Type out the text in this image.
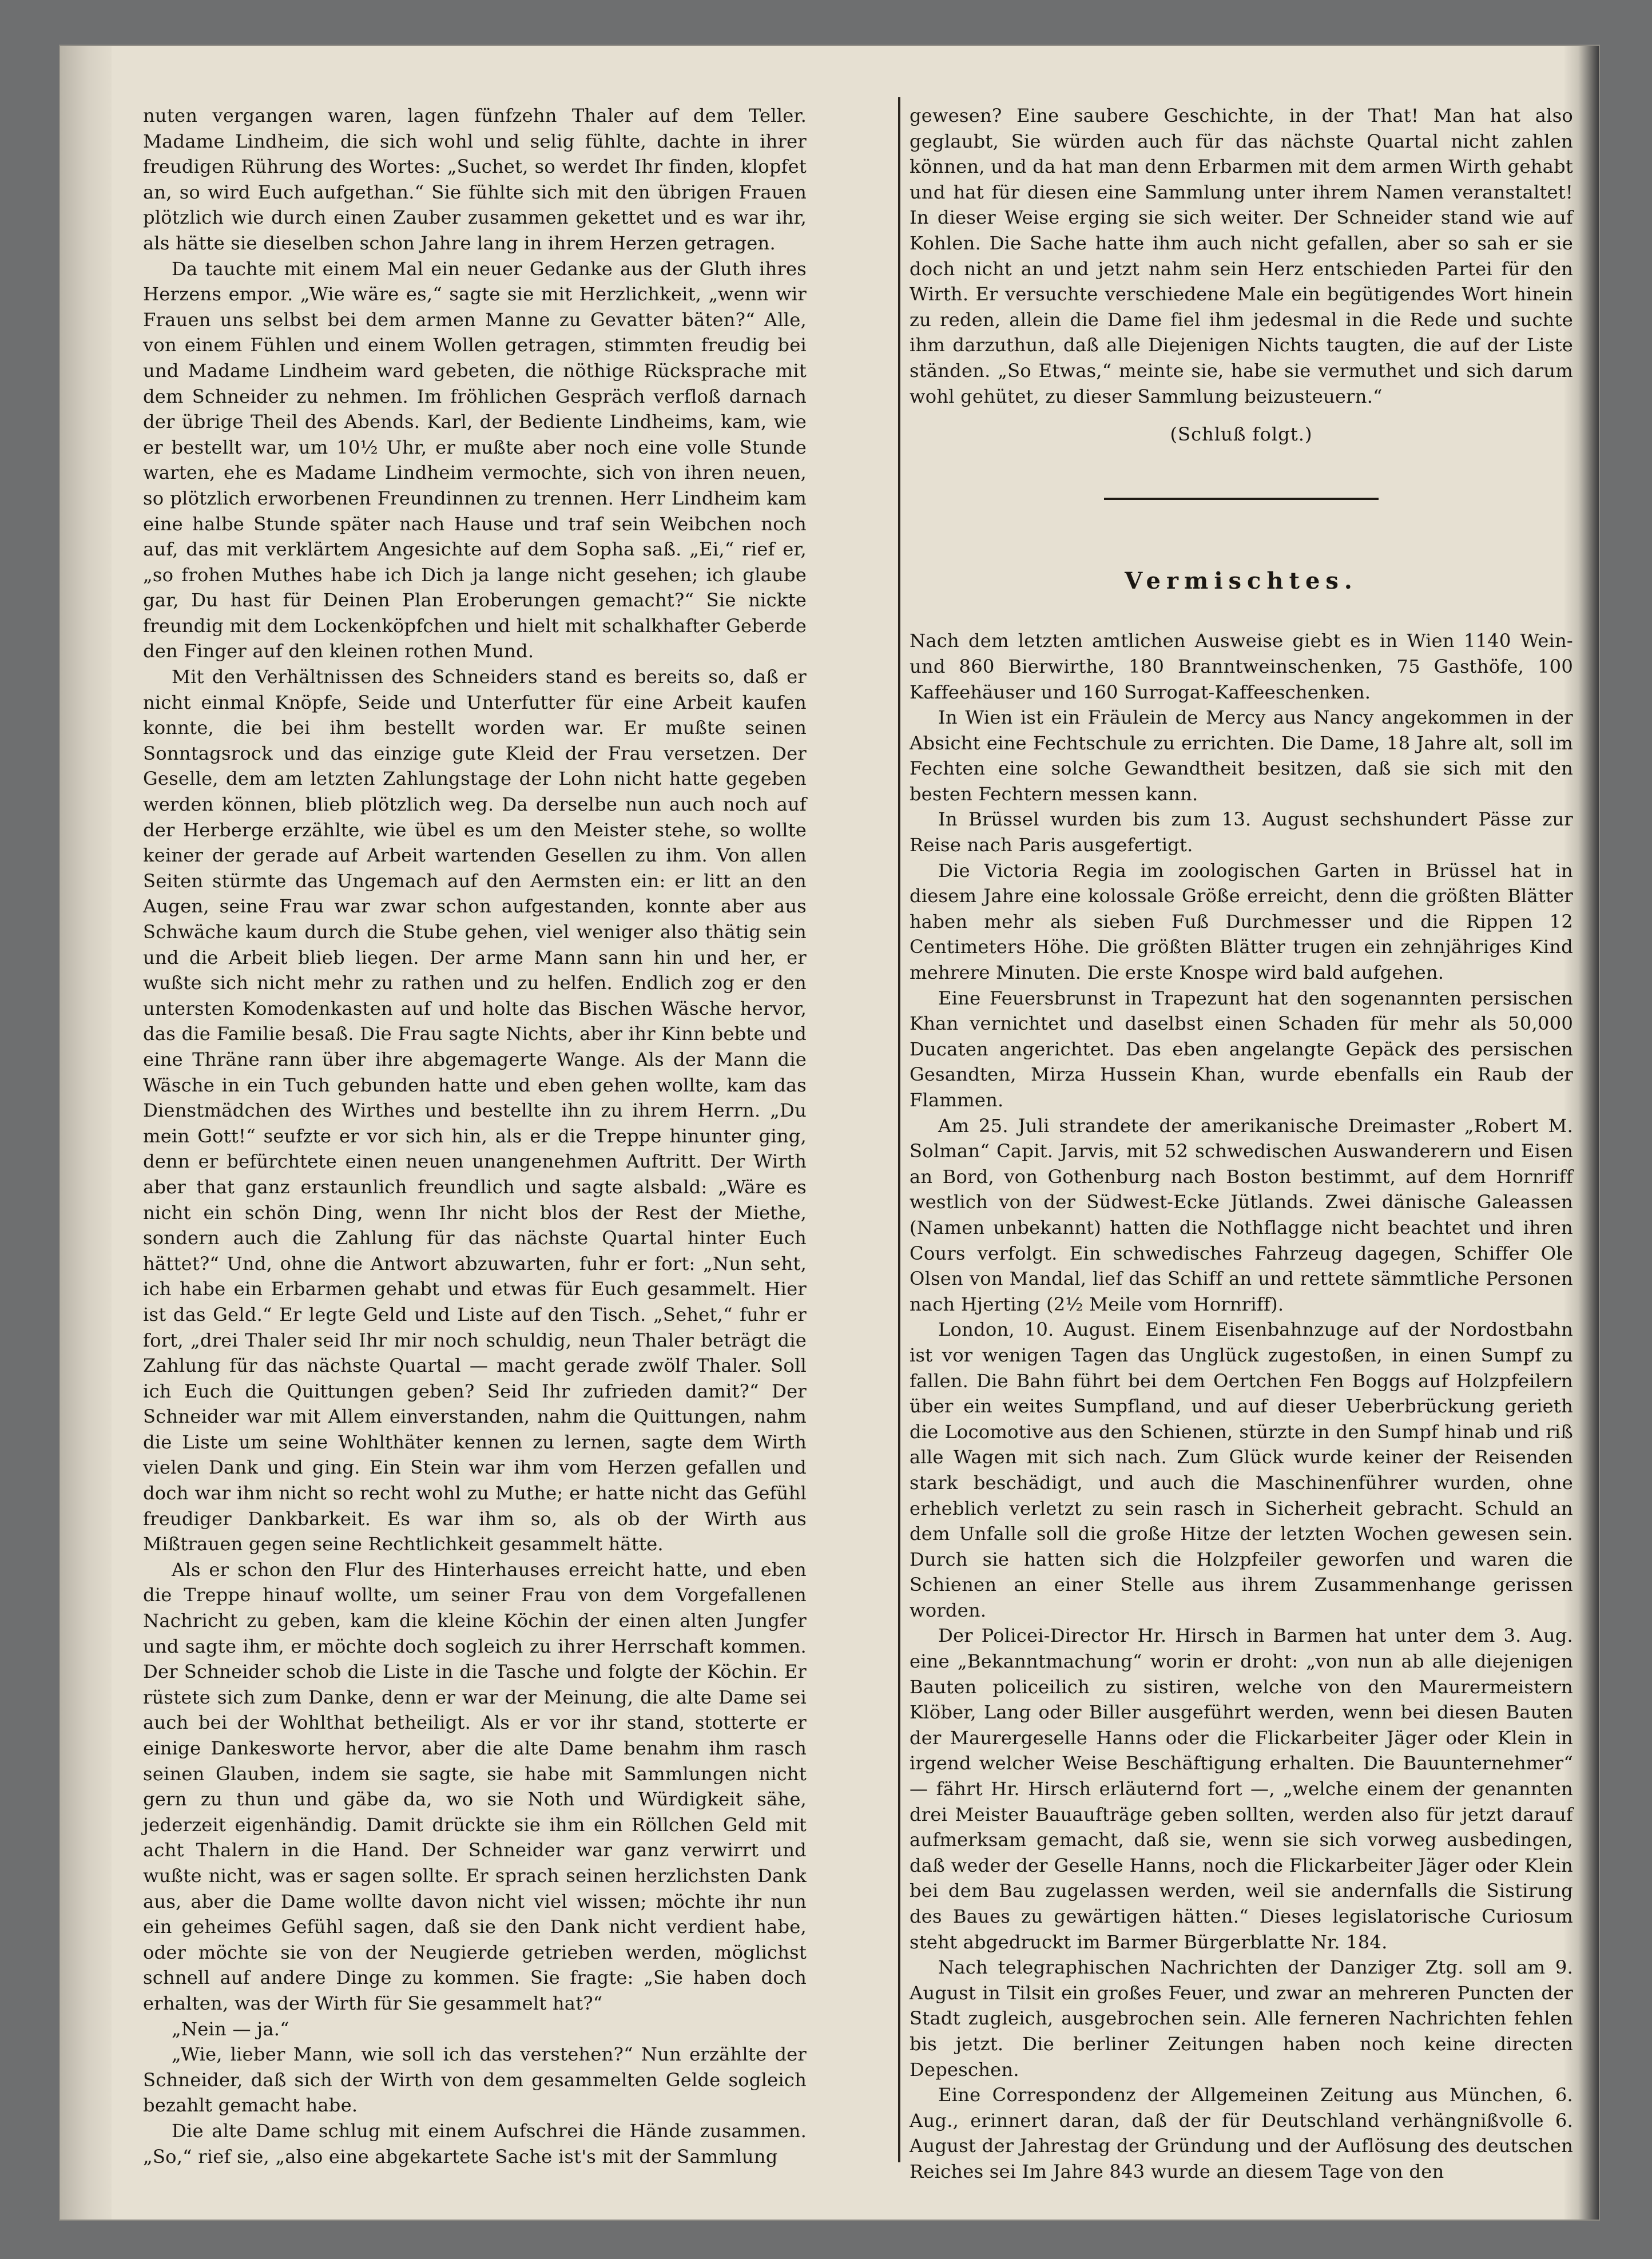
nuten vergangen waren, lagen fünfzehn Thaler auf dem Teller. Madame Lindheim, die sich wohl und selig fühlte, dachte in ihrer freudigen Rührung des Wortes: „Suchet, so werdet Ihr finden, klopfet an, so wird Euch aufgethan.“ Sie fühlte sich mit den übrigen Frauen plötzlich wie durch einen Zauber zusammen gekettet und es war ihr, als hätte sie dieselben schon Jahre lang in ihrem Herzen getragen.

Da tauchte mit einem Mal ein neuer Gedanke aus der Gluth ihres Herzens empor. „Wie wäre es,“ sagte sie mit Herzlichkeit, „wenn wir Frauen uns selbst bei dem armen Manne zu Gevatter bäten?“ Alle, von einem Fühlen und einem Wollen getragen, stimmten freudig bei und Madame Lindheim ward gebeten, die nöthige Rücksprache mit dem Schneider zu nehmen. Im fröhlichen Gespräch verfloß darnach der übrige Theil des Abends. Karl, der Bediente Lindheims, kam, wie er bestellt war, um 10½ Uhr, er mußte aber noch eine volle Stunde warten, ehe es Madame Lindheim vermochte, sich von ihren neuen, so plötzlich erworbenen Freundinnen zu trennen. Herr Lindheim kam eine halbe Stunde später nach Hause und traf sein Weibchen noch auf, das mit verklärtem Angesichte auf dem Sopha saß. „Ei,“ rief er, „so frohen Muthes habe ich Dich ja lange nicht gesehen; ich glaube gar, Du hast für Deinen Plan Eroberungen gemacht?“ Sie nickte freundig mit dem Lockenköpfchen und hielt mit schalkhafter Geberde den Finger auf den kleinen rothen Mund.

Mit den Verhältnissen des Schneiders stand es bereits so, daß er nicht einmal Knöpfe, Seide und Unterfutter für eine Arbeit kaufen konnte, die bei ihm bestellt worden war. Er mußte seinen Sonntagsrock und das einzige gute Kleid der Frau versetzen. Der Geselle, dem am letzten Zahlungstage der Lohn nicht hatte gegeben werden können, blieb plötzlich weg. Da derselbe nun auch noch auf der Herberge erzählte, wie übel es um den Meister stehe, so wollte keiner der gerade auf Arbeit wartenden Gesellen zu ihm. Von allen Seiten stürmte das Ungemach auf den Aermsten ein: er litt an den Augen, seine Frau war zwar schon aufgestanden, konnte aber aus Schwäche kaum durch die Stube gehen, viel weniger also thätig sein und die Arbeit blieb liegen. Der arme Mann sann hin und her, er wußte sich nicht mehr zu rathen und zu helfen. Endlich zog er den untersten Komodenkasten auf und holte das Bischen Wäsche hervor, das die Familie besaß. Die Frau sagte Nichts, aber ihr Kinn bebte und eine Thräne rann über ihre abgemagerte Wange. Als der Mann die Wäsche in ein Tuch gebunden hatte und eben gehen wollte, kam das Dienstmädchen des Wirthes und bestellte ihn zu ihrem Herrn. „Du mein Gott!“ seufzte er vor sich hin, als er die Treppe hinunter ging, denn er befürchtete einen neuen unangenehmen Auftritt. Der Wirth aber that ganz erstaunlich freundlich und sagte alsbald: „Wäre es nicht ein schön Ding, wenn Ihr nicht blos der Rest der Miethe, sondern auch die Zahlung für das nächste Quartal hinter Euch hättet?“ Und, ohne die Antwort abzuwarten, fuhr er fort: „Nun seht, ich habe ein Erbarmen gehabt und etwas für Euch gesammelt. Hier ist das Geld.“ Er legte Geld und Liste auf den Tisch. „Sehet,“ fuhr er fort, „drei Thaler seid Ihr mir noch schuldig, neun Thaler beträgt die Zahlung für das nächste Quartal — macht gerade zwölf Thaler. Soll ich Euch die Quittungen geben? Seid Ihr zufrieden damit?“ Der Schneider war mit Allem einverstanden, nahm die Quittungen, nahm die Liste um seine Wohlthäter kennen zu lernen, sagte dem Wirth vielen Dank und ging. Ein Stein war ihm vom Herzen gefallen und doch war ihm nicht so recht wohl zu Muthe; er hatte nicht das Gefühl freudiger Dankbarkeit. Es war ihm so, als ob der Wirth aus Mißtrauen gegen seine Rechtlichkeit gesammelt hätte.

Als er schon den Flur des Hinterhauses erreicht hatte, und eben die Treppe hinauf wollte, um seiner Frau von dem Vorgefallenen Nachricht zu geben, kam die kleine Köchin der einen alten Jungfer und sagte ihm, er möchte doch sogleich zu ihrer Herrschaft kommen. Der Schneider schob die Liste in die Tasche und folgte der Köchin. Er rüstete sich zum Danke, denn er war der Meinung, die alte Dame sei auch bei der Wohlthat betheiligt. Als er vor ihr stand, stotterte er einige Dankesworte hervor, aber die alte Dame benahm ihm rasch seinen Glauben, indem sie sagte, sie habe mit Sammlungen nicht gern zu thun und gäbe da, wo sie Noth und Würdigkeit sähe, jederzeit eigenhändig. Damit drückte sie ihm ein Röllchen Geld mit acht Thalern in die Hand. Der Schneider war ganz verwirrt und wußte nicht, was er sagen sollte. Er sprach seinen herzlichsten Dank aus, aber die Dame wollte davon nicht viel wissen; möchte ihr nun ein geheimes Gefühl sagen, daß sie den Dank nicht verdient habe, oder möchte sie von der Neugierde getrieben werden, möglichst schnell auf andere Dinge zu kommen. Sie fragte: „Sie haben doch erhalten, was der Wirth für Sie gesammelt hat?“

„Nein — ja.“

„Wie, lieber Mann, wie soll ich das verstehen?“ Nun erzählte der Schneider, daß sich der Wirth von dem gesammelten Gelde sogleich bezahlt gemacht habe.

Die alte Dame schlug mit einem Aufschrei die Hände zusammen. „So,“ rief sie, „also eine abgekartete Sache ist's mit der Sammlung

gewesen? Eine saubere Geschichte, in der That! Man hat also geglaubt, Sie würden auch für das nächste Quartal nicht zahlen können, und da hat man denn Erbarmen mit dem armen Wirth gehabt und hat für diesen eine Sammlung unter ihrem Namen veranstaltet! In dieser Weise erging sie sich weiter. Der Schneider stand wie auf Kohlen. Die Sache hatte ihm auch nicht gefallen, aber so sah er sie doch nicht an und jetzt nahm sein Herz entschieden Partei für den Wirth. Er versuchte verschiedene Male ein begütigendes Wort hinein zu reden, allein die Dame fiel ihm jedesmal in die Rede und suchte ihm darzuthun, daß alle Diejenigen Nichts taugten, die auf der Liste ständen. „So Etwas,“ meinte sie, habe sie vermuthet und sich darum wohl gehütet, zu dieser Sammlung beizusteuern.“

(Schluß folgt.)
Vermischtes.

Nach dem letzten amtlichen Ausweise giebt es in Wien 1140 Wein- und 860 Bierwirthe, 180 Branntweinschenken, 75 Gasthöfe, 100 Kaffeehäuser und 160 Surrogat-Kaffeeschenken.

In Wien ist ein Fräulein de Mercy aus Nancy angekommen in der Absicht eine Fechtschule zu errichten. Die Dame, 18 Jahre alt, soll im Fechten eine solche Gewandtheit besitzen, daß sie sich mit den besten Fechtern messen kann.

In Brüssel wurden bis zum 13. August sechshundert Pässe zur Reise nach Paris ausgefertigt.

Die Victoria Regia im zoologischen Garten in Brüssel hat in diesem Jahre eine kolossale Größe erreicht, denn die größten Blätter haben mehr als sieben Fuß Durchmesser und die Rippen 12 Centimeters Höhe. Die größten Blätter trugen ein zehnjähriges Kind mehrere Minuten. Die erste Knospe wird bald aufgehen.

Eine Feuersbrunst in Trapezunt hat den sogenannten persischen Khan vernichtet und daselbst einen Schaden für mehr als 50,000 Ducaten angerichtet. Das eben angelangte Gepäck des persischen Gesandten, Mirza Hussein Khan, wurde ebenfalls ein Raub der Flammen.

Am 25. Juli strandete der amerikanische Dreimaster „Robert M. Solman“ Capit. Jarvis, mit 52 schwedischen Auswanderern und Eisen an Bord, von Gothenburg nach Boston bestimmt, auf dem Hornriff westlich von der Südwest-Ecke Jütlands. Zwei dänische Galeassen (Namen unbekannt) hatten die Nothflagge nicht beachtet und ihren Cours verfolgt. Ein schwedisches Fahrzeug dagegen, Schiffer Ole Olsen von Mandal, lief das Schiff an und rettete sämmtliche Personen nach Hjerting (2½ Meile vom Hornriff).

London, 10. August. Einem Eisenbahnzuge auf der Nordostbahn ist vor wenigen Tagen das Unglück zugestoßen, in einen Sumpf zu fallen. Die Bahn führt bei dem Oertchen Fen Boggs auf Holzpfeilern über ein weites Sumpfland, und auf dieser Ueberbrückung gerieth die Locomotive aus den Schienen, stürzte in den Sumpf hinab und riß alle Wagen mit sich nach. Zum Glück wurde keiner der Reisenden stark beschädigt, und auch die Maschinenführer wurden, ohne erheblich verletzt zu sein rasch in Sicherheit gebracht. Schuld an dem Unfalle soll die große Hitze der letzten Wochen gewesen sein. Durch sie hatten sich die Holzpfeiler geworfen und waren die Schienen an einer Stelle aus ihrem Zusammenhange gerissen worden.

Der Policei-Director Hr. Hirsch in Barmen hat unter dem 3. Aug. eine „Bekanntmachung“ worin er droht: „von nun ab alle diejenigen Bauten policeilich zu sistiren, welche von den Maurermeistern Klöber, Lang oder Biller ausgeführt werden, wenn bei diesen Bauten der Maurergeselle Hanns oder die Flickarbeiter Jäger oder Klein in irgend welcher Weise Beschäftigung erhalten. Die Bauunternehmer“ — fährt Hr. Hirsch erläuternd fort —, „welche einem der genannten drei Meister Bauaufträge geben sollten, werden also für jetzt darauf aufmerksam gemacht, daß sie, wenn sie sich vorweg ausbedingen, daß weder der Geselle Hanns, noch die Flickarbeiter Jäger oder Klein bei dem Bau zugelassen werden, weil sie andernfalls die Sistirung des Baues zu gewärtigen hätten.“ Dieses legislatorische Curiosum steht abgedruckt im Barmer Bürgerblatte Nr. 184.

Nach telegraphischen Nachrichten der Danziger Ztg. soll am 9. August in Tilsit ein großes Feuer, und zwar an mehreren Puncten der Stadt zugleich, ausgebrochen sein. Alle ferneren Nachrichten fehlen bis jetzt. Die berliner Zeitungen haben noch keine directen Depeschen.

Eine Correspondenz der Allgemeinen Zeitung aus München, 6. Aug., erinnert daran, daß der für Deutschland verhängnißvolle 6. August der Jahrestag der Gründung und der Auflösung des deutschen Reiches sei Im Jahre 843 wurde an diesem Tage von den
